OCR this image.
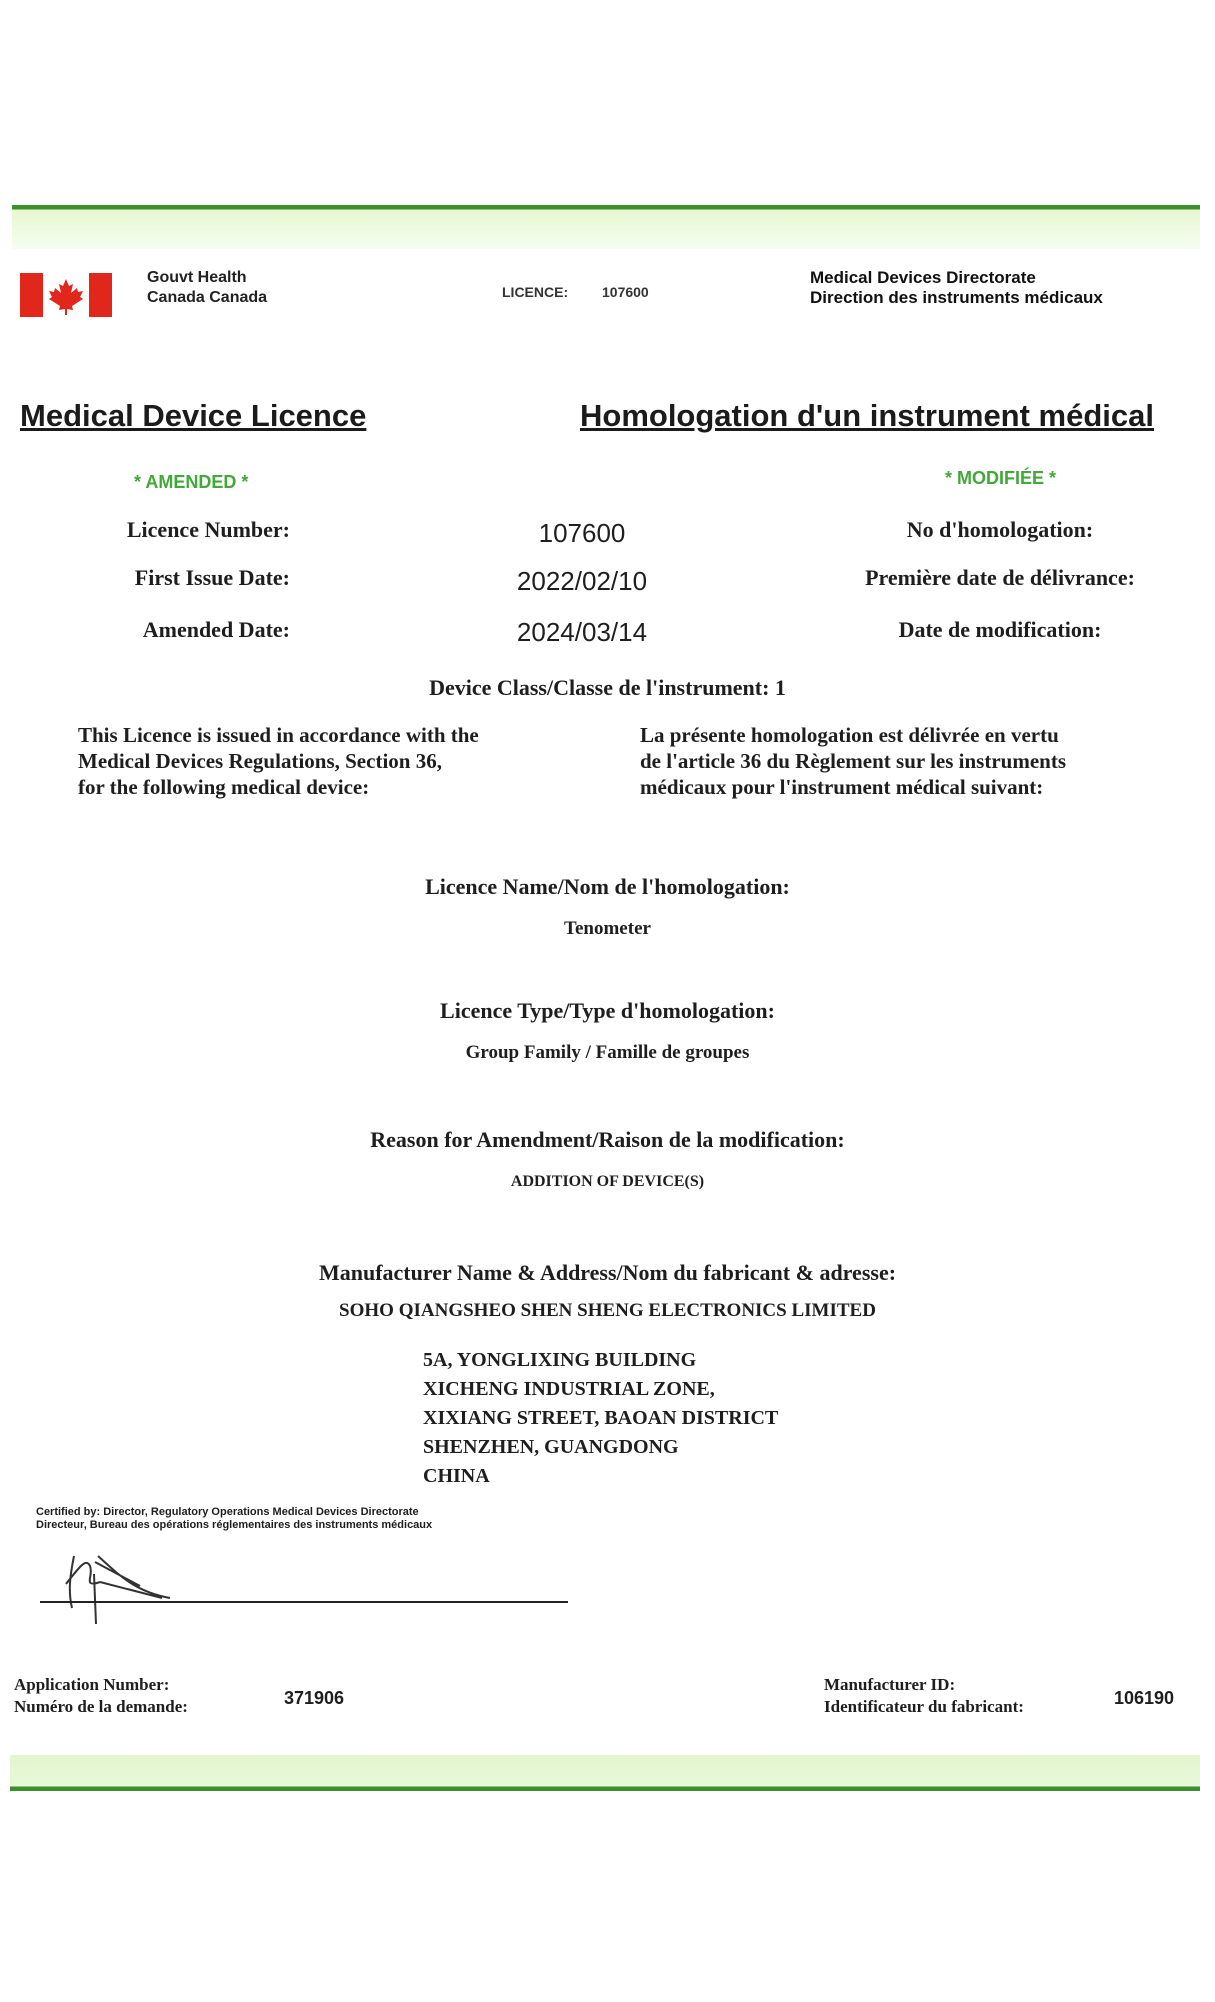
Gouvt Health
Canada Canada	LICENCE: 107600
Medical Devices Directorate
Direction des instruments médicaux
Medical Device Licence	Homologation d'un instrument médical
* AMENDED *	* MODIFIÉE *
Licence Number:	107600	No d'homologation:
First Issue Date:	2022/02/10	Première date de délivrance:
Amended Date:	2024/03/14	Date de modification:
Device Class/Classe de l'instrument: 1
This Licence is issued in accordance with the
Medical Devices Regulations, Section 36,
for the following medical device:
La présente homologation est délivrée en vertu
de l'article 36 du Règlement sur les instruments
médicaux pour l'instrument médical suivant:
Licence Name/Nom de l'homologation:
Tenometer
Licence Type/Type d'homologation:
Group Family / Famille de groupes
Reason for Amendment/Raison de la modification:
ADDITION OF DEVICE(S)
Manufacturer Name & Address/Nom du fabricant & adresse:
SOHO QIANGSHEO SHEN SHENG ELECTRONICS LIMITED
5A, YONGLIXING BUILDING
XICHENG INDUSTRIAL ZONE,
XIXIANG STREET, BAOAN DISTRICT
SHENZHEN, GUANGDONG
CHINA
Certified by: Director, Regulatory Operations Medical Devices Directorate
Directeur, Bureau des opérations réglementaires des instruments médicaux
Application Number:
Numéro de la demande:	371906
Manufacturer ID:
Identificateur du fabricant:	106190
